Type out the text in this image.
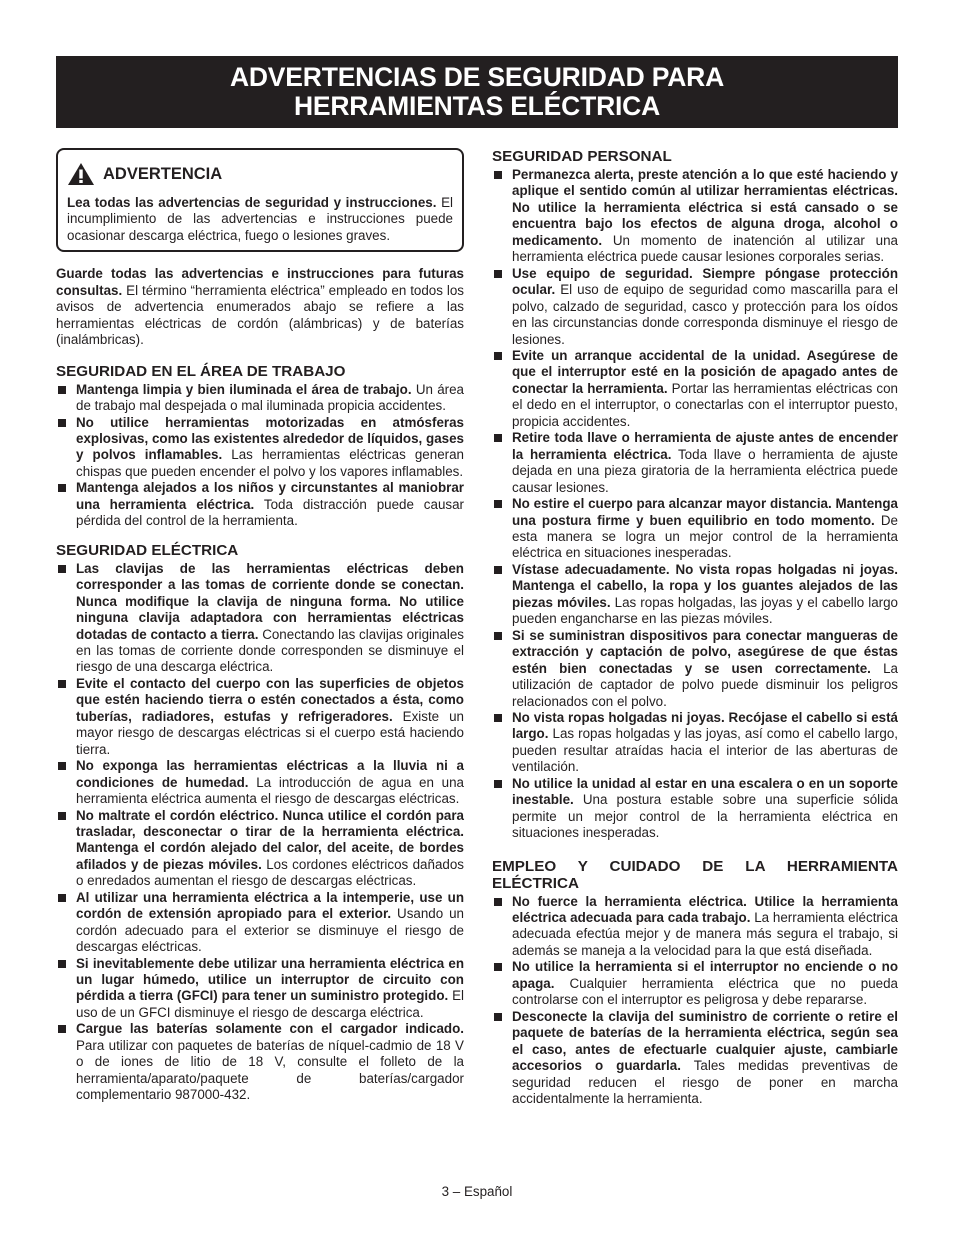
ADVERTENCIAS DE SEGURIDAD PARA
HERRAMIENTAS ELÉCTRICA
ADVERTENCIA

Lea todas las advertencias de seguridad y instrucciones. El incumplimiento de las advertencias e instrucciones puede ocasionar descarga eléctrica, fuego o lesiones graves.

Guarde todas las advertencias e instrucciones para futuras consultas. El término “herramienta eléctrica” empleado en todos los avisos de advertencia enumerados abajo se refiere a las herramientas eléctricas de cordón (alámbricas) y de baterías (inalámbricas).

SEGURIDAD EN EL ÁREA DE TRABAJO
Mantenga limpia y bien iluminada el área de trabajo. Un área de trabajo mal despejada o mal iluminada propicia accidentes.
No utilice herramientas motorizadas en atmósferas explosivas, como las existentes alrededor de líquidos, gases y polvos inflamables. Las herramientas eléctricas generan chispas que pueden encender el polvo y los vapores inflamables.
Mantenga alejados a los niños y circunstantes al maniobrar una herramienta eléctrica. Toda distracción puede causar pérdida del control de la herramienta.
SEGURIDAD ELÉCTRICA
Las clavijas de las herramientas eléctricas deben corresponder a las tomas de corriente donde se conectan. Nunca modifique la clavija de ninguna forma. No utilice ninguna clavija adaptadora con herramientas eléctricas dotadas de contacto a tierra. Conectando las clavijas originales en las tomas de corriente donde corresponden se disminuye el riesgo de una descarga eléctrica.
Evite el contacto del cuerpo con las superficies de objetos que estén haciendo tierra o estén conectados a ésta, como tuberías, radiadores, estufas y refrigeradores. Existe un mayor riesgo de descargas eléctricas si el cuerpo está haciendo tierra.
No exponga las herramientas eléctricas a la lluvia ni a condiciones de humedad. La introducción de agua en una herramienta eléctrica aumenta el riesgo de descargas eléctricas.
No maltrate el cordón eléctrico. Nunca utilice el cordón para trasladar, desconectar o tirar de la herramienta eléctrica. Mantenga el cordón alejado del calor, del aceite, de bordes afilados y de piezas móviles. Los cordones eléctricos dañados o enredados aumentan el riesgo de descargas eléctricas.
Al utilizar una herramienta eléctrica a la intemperie, use un cordón de extensión apropiado para el exterior. Usando un cordón adecuado para el exterior se disminuye el riesgo de descargas eléctricas.
Si inevitablemente debe utilizar una herramienta eléctrica en un lugar húmedo, utilice un interruptor de circuito con pérdida a tierra (GFCI) para tener un suministro protegido. El uso de un GFCI disminuye el riesgo de descarga eléctrica.
Cargue las baterías solamente con el cargador indicado. Para utilizar con paquetes de baterías de níquel-cadmio de 18 V o de iones de litio de 18 V, consulte el folleto de la herramienta/aparato/paquete de baterías/cargador complementario 987000-432.
SEGURIDAD PERSONAL
Permanezca alerta, preste atención a lo que esté haciendo y aplique el sentido común al utilizar herramientas eléctricas. No utilice la herramienta eléctrica si está cansado o se encuentra bajo los efectos de alguna droga, alcohol o medicamento. Un momento de inatención al utilizar una herramienta eléctrica puede causar lesiones corporales serias.
Use equipo de seguridad. Siempre póngase protección ocular. El uso de equipo de seguridad como mascarilla para el polvo, calzado de seguridad, casco y protección para los oídos en las circunstancias donde corresponda disminuye el riesgo de lesiones.
Evite un arranque accidental de la unidad. Asegúrese de que el interruptor esté en la posición de apagado antes de conectar la herramienta. Portar las herramientas eléctricas con el dedo en el interruptor, o conectarlas con el interruptor puesto, propicia accidentes.
Retire toda llave o herramienta de ajuste antes de encender la herramienta eléctrica. Toda llave o herramienta de ajuste dejada en una pieza giratoria de la herramienta eléctrica puede causar lesiones.
No estire el cuerpo para alcanzar mayor distancia. Mantenga una postura firme y buen equilibrio en todo momento. De esta manera se logra un mejor control de la herramienta eléctrica en situaciones inesperadas.
Vístase adecuadamente. No vista ropas holgadas ni joyas. Mantenga el cabello, la ropa y los guantes alejados de las piezas móviles. Las ropas holgadas, las joyas y el cabello largo pueden engancharse en las piezas móviles.
Si se suministran dispositivos para conectar mangueras de extracción y captación de polvo, asegúrese de que éstas estén bien conectadas y se usen correctamente. La utilización de captador de polvo puede disminuir los peligros relacionados con el polvo.
No vista ropas holgadas ni joyas. Recójase el cabello si está largo. Las ropas holgadas y las joyas, así como el cabello largo, pueden resultar atraídas hacia el interior de las aberturas de ventilación.
No utilice la unidad al estar en una escalera o en un soporte inestable. Una postura estable sobre una superficie sólida permite un mejor control de la herramienta eléctrica en situaciones inesperadas.
EMPLEO Y CUIDADO DE LA HERRAMIENTA ELÉCTRICA
No fuerce la herramienta eléctrica. Utilice la herramienta eléctrica adecuada para cada trabajo. La herramienta eléctrica adecuada efectúa mejor y de manera más segura el trabajo, si además se maneja a la velocidad para la que está diseñada.
No utilice la herramienta si el interruptor no enciende o no apaga. Cualquier herramienta eléctrica que no pueda controlarse con el interruptor es peligrosa y debe repararse.
Desconecte la clavija del suministro de corriente o retire el paquete de baterías de la herramienta eléctrica, según sea el caso, antes de efectuarle cualquier ajuste, cambiarle accesorios o guardarla. Tales medidas preventivas de seguridad reducen el riesgo de poner en marcha accidentalmente la herramienta.
3 – Español
